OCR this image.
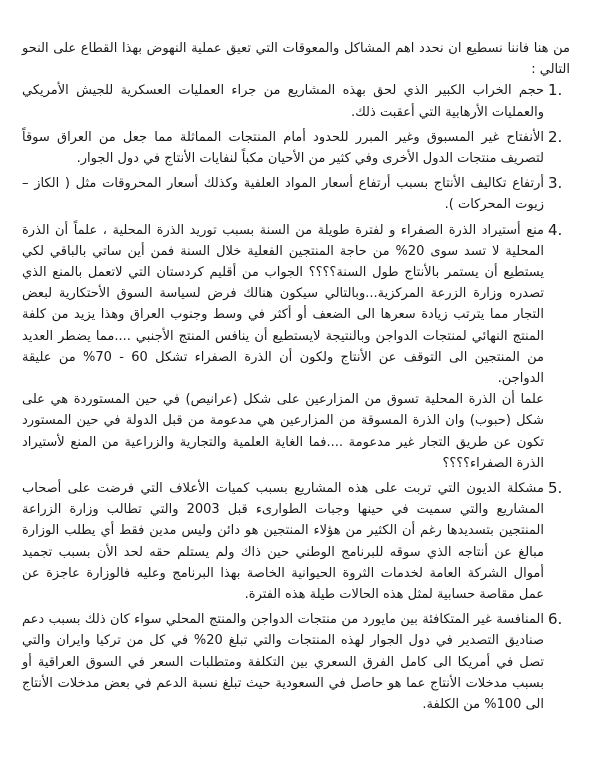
من هنا فاننا نسطيع ان نحدد اهم المشاكل والمعوقات التي تعيق عملية النهوض بهذا القطاع على النحو التالي :

1.

حجم الخراب الكبير الذي لحق بهذه المشاريع من جراء العمليات العسكرية للجيش الأمريكي والعمليات الأرهابية التي أعقبت ذلك.

2.

الأنفتاح غير المسبوق وغير المبرر للحدود أمام المنتجات المماثلة مما جعل من العراق سوقاً لتصريف منتجات الدول الأخرى وفي كثير من الأحيان مكباً لنفايات الأنتاج في دول الجوار.

3.

أرتفاع تكاليف الأنتاج بسبب أرتفاع أسعار المواد العلفية وكذلك أسعار المحروقات مثل ( الكاز – زيوت المحركات ).

4.

منع أستيراد الذرة الصفراء و لفترة طويلة من السنة بسبب توريد الذرة المحلية ، علماً أن الذرة المحلية لا تسد سوى 20% من حاجة المنتجين الفعلية خلال السنة فمن أين ساتي بالباقي لكي يستطيع أن يستمر بالأنتاج طول السنة؟؟؟؟ الجواب من أقليم كردستان التي لاتعمل بالمنع الذي تصدره وزارة الزرعة المركزية...وبالتالي سيكون هنالك فرض لسياسة السوق الأحتكارية لبعض التجار مما يترتب زيادة سعرها الى الضعف أو أكثر في وسط وجنوب العراق وهذا يزيد من كلفة المنتج النهائي لمنتجات الدواجن وبالنتيجة لايستطيع أن ينافس المنتج الأجنبي ....مما يضطر العديد من المنتجين الى التوقف عن الأنتاج ولكون أن الذرة الصفراء تشكل 60 - 70% من عليقة الدواجن.

علما أن الذرة المحلية تسوق من المزارعين على شكل (عرانيص) في حين المستوردة هي على شكل (حبوب) وان الذرة المسوقة من المزارعين هي مدعومة من قبل الدولة في حين المستورد تكون عن طريق التجار غير مدعومة ....فما الغاية العلمية والتجارية والزراعية من المنع لأستيراد الذرة الصفراء؟؟؟؟

5.

مشكلة الديون التي تربت على هذه المشاريع بسبب كميات الأعلاف التي فرضت على أصحاب المشاريع والتي سميت في حينها وجبات الطوارىء قبل 2003 والتي تطالب وزارة الزراعة المنتجين بتسديدها رغم أن الكثير من هؤلاء المنتجين هو دائن وليس مدين فقط أي يطلب الوزارة مبالغ عن أنتاجه الذي سوقه للبرنامج الوطني حين ذاك ولم يستلم حقه لحد الأن بسبب تجميد أموال الشركة العامة لخدمات الثروة الحيوانية الخاصة بهذا البرنامج وعليه فالوزارة عاجزة عن عمل مقاصة حسابية لمثل هذه الحالات طيلة هذه الفترة.

6.

المنافسة غير المتكافئة بين مايورد من منتجات الدواجن والمنتج المحلي سواء كان ذلك بسبب دعم صناديق التصدير في دول الجوار لهذه المنتجات والتي تبلغ 20% في كل من تركيا وايران والتي تصل في أمريكا الى كامل الفرق السعري بين التكلفة ومتطلبات السعر في السوق العراقية أو بسبب مدخلات الأنتاج عما هو حاصل في السعودية حيث تبلغ نسبة الدعم في بعض مدخلات الأنتاج الى 100% من الكلفة.
